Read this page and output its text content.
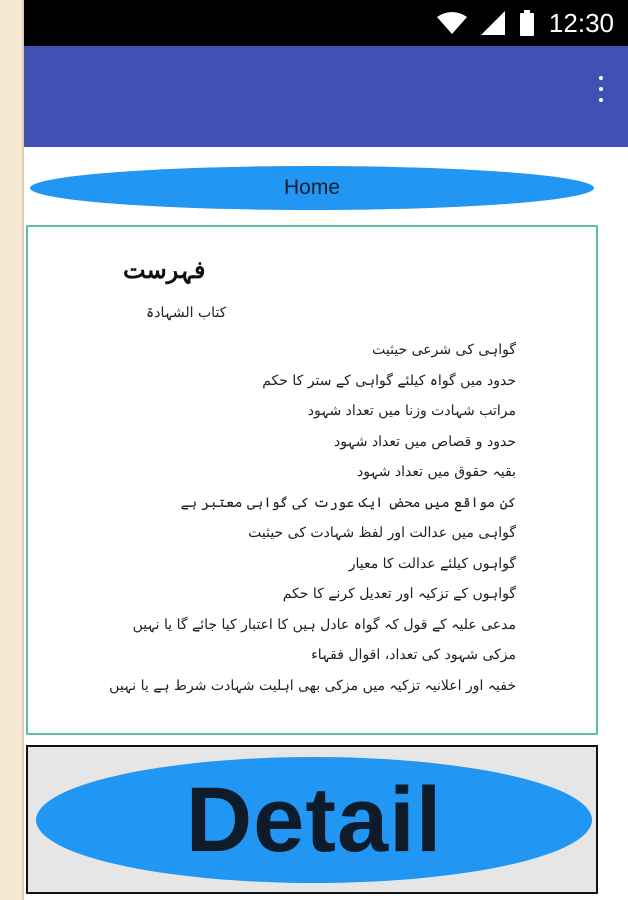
12:30
Home
فہرست
کتاب الشہادۃ
گواہی کی شرعی حیثیت
حدود میں گواہ کیلئے گواہی کے ستر کا حکم
مراتب شہادت وزنا میں تعداد شہود
حدود و قصاص میں تعداد شہود
بقیہ حقوق میں تعداد شہود
کن مواقع میں محض ایک عورت کی گواہی معتبر ہے
گواہی میں عدالت اور لفظ شہادت کی حیثیت
گواہوں کیلئے عدالت کا معیار
گواہوں کے تزکیہ اور تعدیل کرنے کا حکم
مدعی علیہ کے قول کہ گواہ عادل ہیں کا اعتبار کیا جائے گا یا نہیں
مزکی شہود کی تعداد، اقوال فقہاء
خفیہ اور اعلانیہ تزکیہ میں مزکی بھی اہلیت شہادت شرط ہے یا نہیں
Detail
